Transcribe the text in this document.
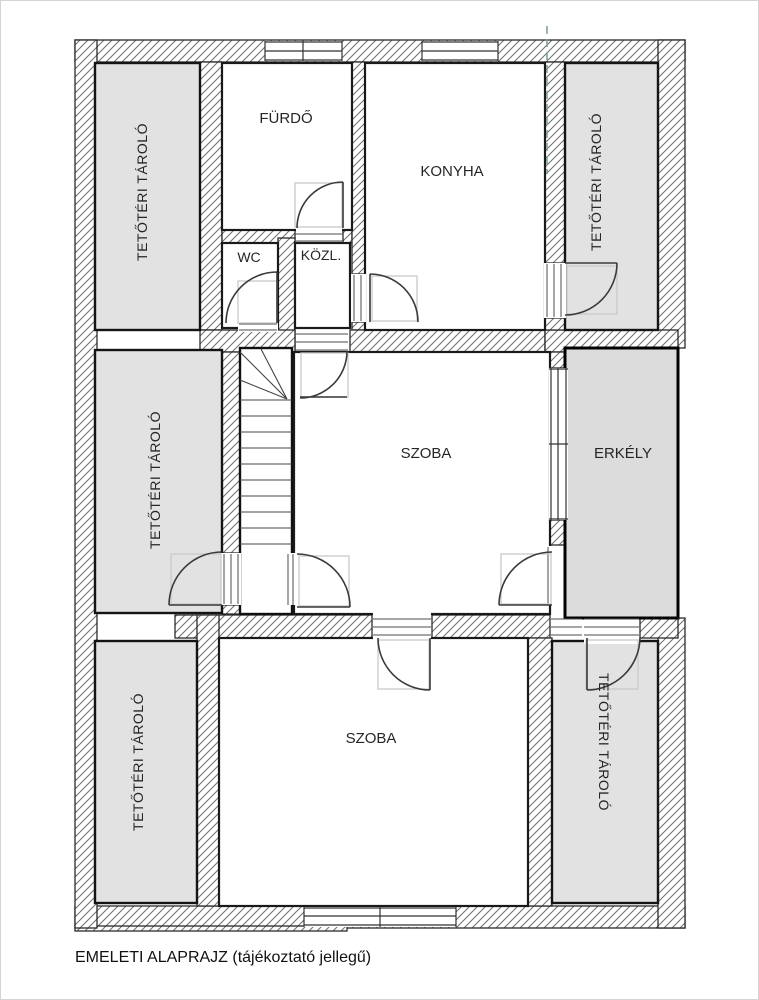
FÜRDŐ
KONYHA
WC	KÖZL.
SZOBA	ERKÉLY
SZOBA
TETŐTÉRI TÁROLÓ	TETŐTÉRI TÁROLÓ
TETŐTÉRI TÁROLÓ
TETŐTÉRI TÁROLÓ	TETŐTÉRI TÁROLÓ
EMELETI ALAPRAJZ (tájékoztató jellegű)
